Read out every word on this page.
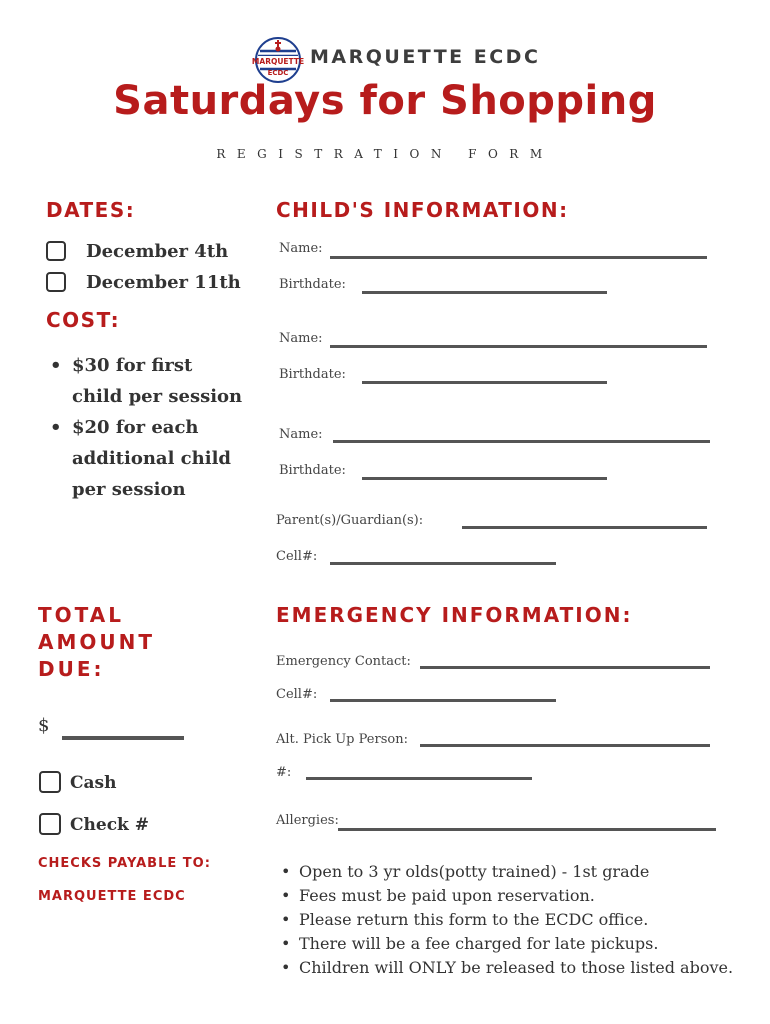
MARQUETTE
ECDC
MARQUETTE ECDC
Saturdays for Shopping
REGISTRATION FORM
DATES:
December 4th
December 11th
COST:
• $30 for first child per session
• $20 for each additional child per session
CHILD'S INFORMATION:
Name:
Birthdate:
Name:
Birthdate:
Name:
Birthdate:
Parent(s)/Guardian(s):
Cell#:
TOTAL
AMOUNT
DUE:
$
Cash
Check #
CHECKS PAYABLE TO:
MARQUETTE ECDC
EMERGENCY INFORMATION:
Emergency Contact:
Cell#:
Alt. Pick Up Person:
#:
Allergies:
• Open to 3 yr olds(potty trained) - 1st grade
• Fees must be paid upon reservation.
• Please return this form to the ECDC office.
• There will be a fee charged for late pickups.
• Children will ONLY be released to those listed above.
